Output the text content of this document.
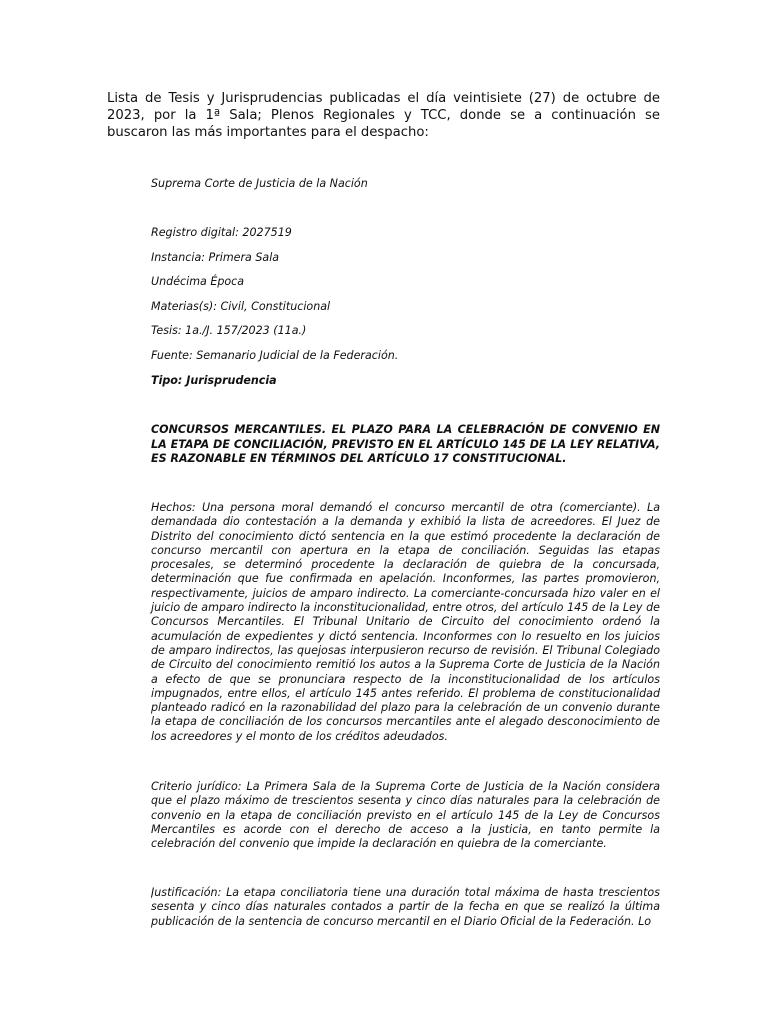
Lista de Tesis y Jurisprudencias publicadas el día veintisiete (27) de octubre de 2023, por la 1ª Sala; Plenos Regionales y TCC, donde se a continuación se buscaron las más importantes para el despacho:

Suprema Corte de Justicia de la Nación

Registro digital: 2027519

Instancia: Primera Sala

Undécima Época

Materias(s): Civil, Constitucional

Tesis: 1a./J. 157/2023 (11a.)

Fuente: Semanario Judicial de la Federación.

Tipo: Jurisprudencia

CONCURSOS MERCANTILES. EL PLAZO PARA LA CELEBRACIÓN DE CONVENIO EN LA ETAPA DE CONCILIACIÓN, PREVISTO EN EL ARTÍCULO 145 DE LA LEY RELATIVA, ES RAZONABLE EN TÉRMINOS DEL ARTÍCULO 17 CONSTITUCIONAL.

Hechos: Una persona moral demandó el concurso mercantil de otra (comerciante). La demandada dio contestación a la demanda y exhibió la lista de acreedores. El Juez de Distrito del conocimiento dictó sentencia en la que estimó procedente la declaración de concurso mercantil con apertura en la etapa de conciliación. Seguidas las etapas procesales, se determinó procedente la declaración de quiebra de la concursada, determinación que fue confirmada en apelación. Inconformes, las partes promovieron, respectivamente, juicios de amparo indirecto. La comerciante-concursada hizo valer en el juicio de amparo indirecto la inconstitucionalidad, entre otros, del artículo 145 de la Ley de Concursos Mercantiles. El Tribunal Unitario de Circuito del conocimiento ordenó la acumulación de expedientes y dictó sentencia. Inconformes con lo resuelto en los juicios de amparo indirectos, las quejosas interpusieron recurso de revisión. El Tribunal Colegiado de Circuito del conocimiento remitió los autos a la Suprema Corte de Justicia de la Nación a efecto de que se pronunciara respecto de la inconstitucionalidad de los artículos impugnados, entre ellos, el artículo 145 antes referido. El problema de constitucionalidad planteado radicó en la razonabilidad del plazo para la celebración de un convenio durante la etapa de conciliación de los concursos mercantiles ante el alegado desconocimiento de los acreedores y el monto de los créditos adeudados.

Criterio jurídico: La Primera Sala de la Suprema Corte de Justicia de la Nación considera que el plazo máximo de trescientos sesenta y cinco días naturales para la celebración de convenio en la etapa de conciliación previsto en el artículo 145 de la Ley de Concursos Mercantiles es acorde con el derecho de acceso a la justicia, en tanto permite la celebración del convenio que impide la declaración en quiebra de la comerciante.

Justificación: La etapa conciliatoria tiene una duración total máxima de hasta trescientos sesenta y cinco días naturales contados a partir de la fecha en que se realizó la última publicación de la sentencia de concurso mercantil en el Diario Oficial de la Federación. Lo
